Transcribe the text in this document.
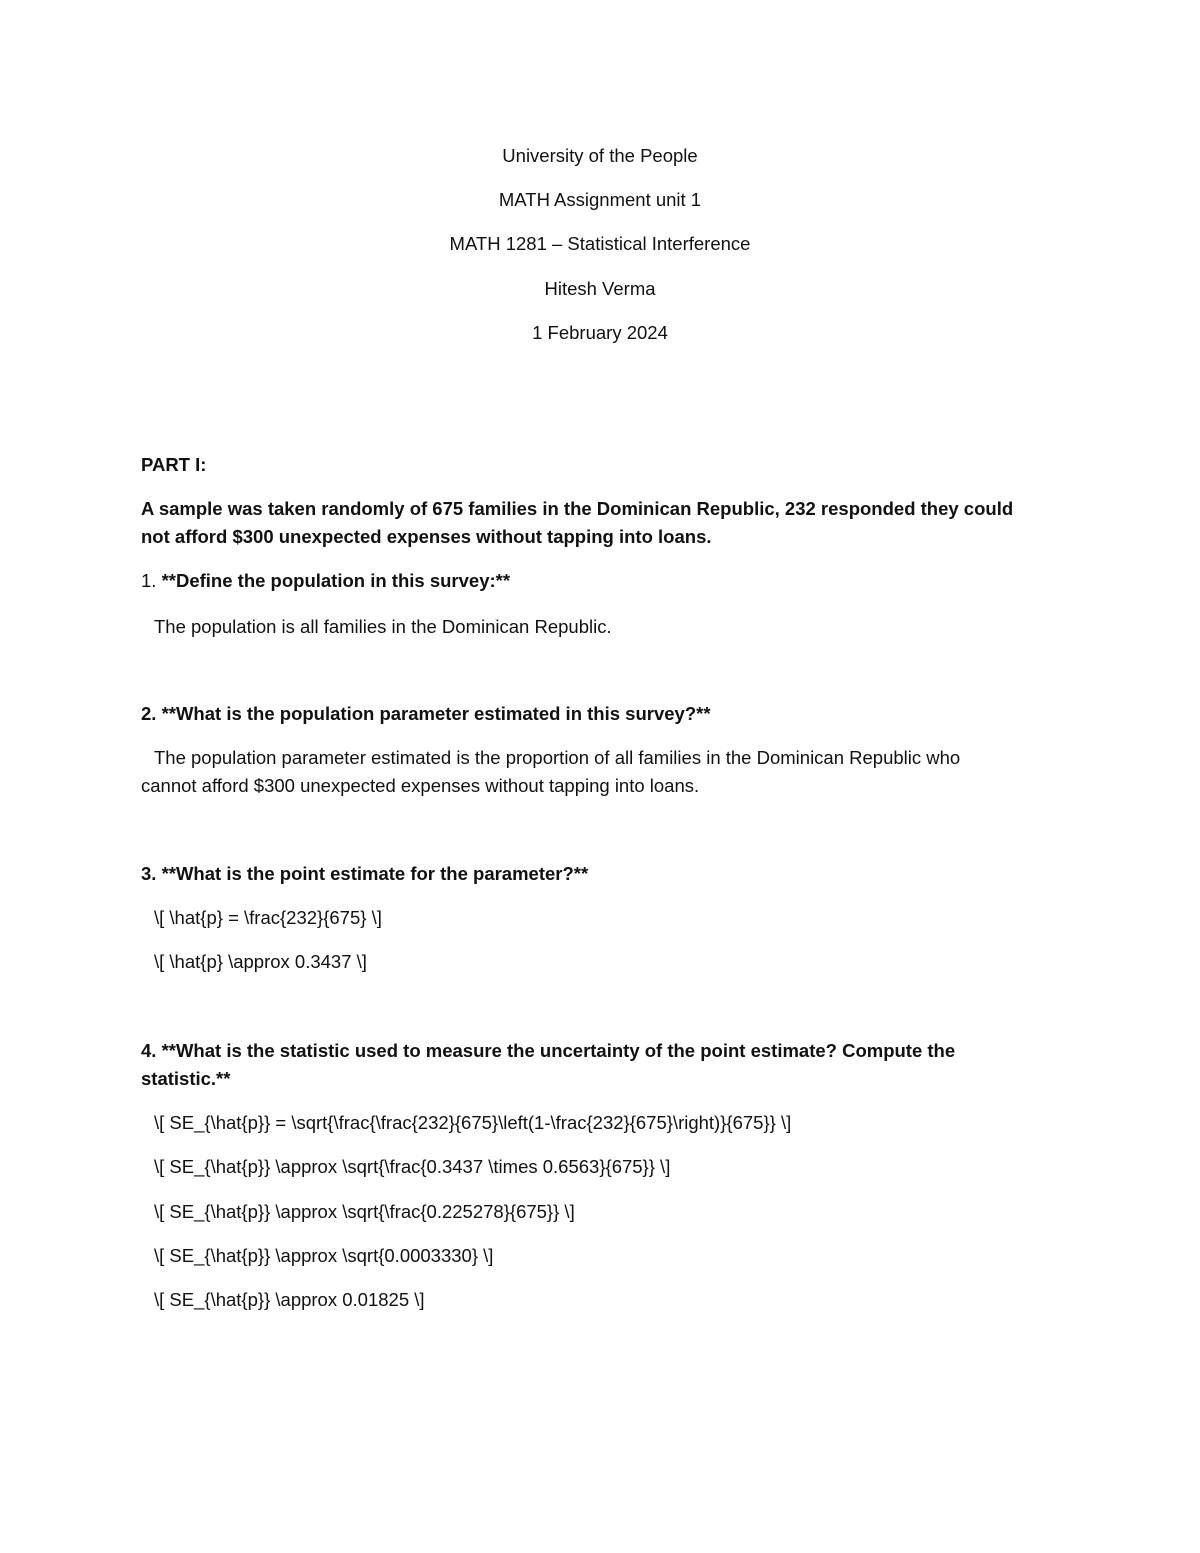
University of the People
MATH Assignment unit 1
MATH 1281 – Statistical Interference
Hitesh Verma
1 February 2024
PART I:
A sample was taken randomly of 675 families in the Dominican Republic, 232 responded they could
not afford $300 unexpected expenses without tapping into loans.
1. **Define the population in this survey:**
The population is all families in the Dominican Republic.
2. **What is the population parameter estimated in this survey?**
The population parameter estimated is the proportion of all families in the Dominican Republic who
cannot afford $300 unexpected expenses without tapping into loans.
3. **What is the point estimate for the parameter?**
\[ \hat{p} = \frac{232}{675} \]
\[ \hat{p} \approx 0.3437 \]
4. **What is the statistic used to measure the uncertainty of the point estimate? Compute the
statistic.**
\[ SE_{\hat{p}} = \sqrt{\frac{\frac{232}{675}\left(1-\frac{232}{675}\right)}{675}} \]
\[ SE_{\hat{p}} \approx \sqrt{\frac{0.3437 \times 0.6563}{675}} \]
\[ SE_{\hat{p}} \approx \sqrt{\frac{0.225278}{675}} \]
\[ SE_{\hat{p}} \approx \sqrt{0.0003330} \]
\[ SE_{\hat{p}} \approx 0.01825 \]
